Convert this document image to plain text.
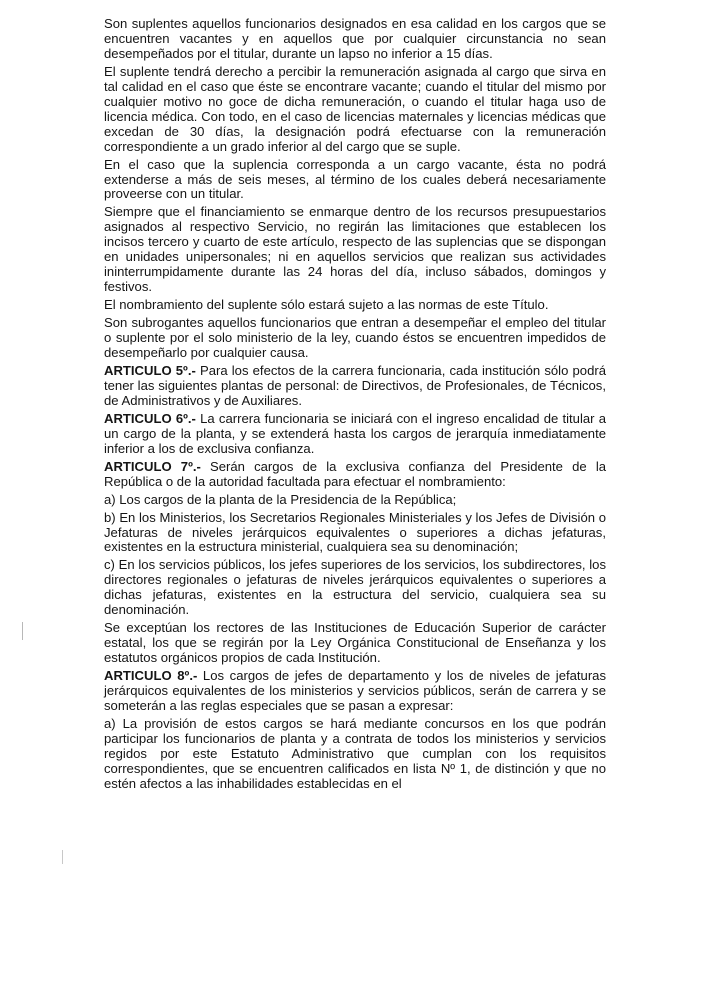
Son suplentes aquellos funcionarios designados en esa calidad en los cargos que se encuentren vacantes y en aquellos que por cualquier circunstancia no sean desempeñados por el titular, durante un lapso no inferior a 15 días.

El suplente tendrá derecho a percibir la remuneración asignada al cargo que sirva en tal calidad en el caso que éste se encontrare vacante; cuando el titular del mismo por cualquier motivo no goce de dicha remuneración, o cuando el titular haga uso de licencia médica. Con todo, en el caso de licencias maternales y licencias médicas que excedan de 30 días, la designación podrá efectuarse con la remuneración correspondiente a un grado inferior al del cargo que se suple.

En el caso que la suplencia corresponda a un cargo vacante, ésta no podrá extenderse a más de seis meses, al término de los cuales deberá necesariamente proveerse con un titular.

Siempre que el financiamiento se enmarque dentro de los recursos presupuestarios asignados al respectivo Servicio, no regirán las limitaciones que establecen los incisos tercero y cuarto de este artículo, respecto de las suplencias que se dispongan en unidades unipersonales; ni en aquellos servicios que realizan sus actividades ininterrumpidamente durante las 24 horas del día, incluso sábados, domingos y festivos.

El nombramiento del suplente sólo estará sujeto a las normas de este Título.

Son subrogantes aquellos funcionarios que entran a desempeñar el empleo del titular o suplente por el solo ministerio de la ley, cuando éstos se encuentren impedidos de desempeñarlo por cualquier causa.

ARTICULO 5º.- Para los efectos de la carrera funcionaria, cada institución sólo podrá tener las siguientes plantas de personal: de Directivos, de Profesionales, de Técnicos, de Administrativos y de Auxiliares.

ARTICULO 6º.- La carrera funcionaria se iniciará con el ingreso encalidad de titular a un cargo de la planta, y se extenderá hasta los cargos de jerarquía inmediatamente inferior a los de exclusiva confianza.

ARTICULO 7º.- Serán cargos de la exclusiva confianza del Presidente de la República o de la autoridad facultada para efectuar el nombramiento:

a) Los cargos de la planta de la Presidencia de la República;

b) En los Ministerios, los Secretarios Regionales Ministeriales y los Jefes de División o Jefaturas de niveles jerárquicos equivalentes o superiores a dichas jefaturas, existentes en la estructura ministerial, cualquiera sea su denominación;

c) En los servicios públicos, los jefes superiores de los servicios, los subdirectores, los directores regionales o jefaturas de niveles jerárquicos equivalentes o superiores a dichas jefaturas, existentes en la estructura del servicio, cualquiera sea su denominación.

Se exceptúan los rectores de las Instituciones de Educación Superior de carácter estatal, los que se regirán por la Ley Orgánica Constitucional de Enseñanza y los estatutos orgánicos propios de cada Institución.

ARTICULO 8º.- Los cargos de jefes de departamento y los de niveles de jefaturas jerárquicos equivalentes de los ministerios y servicios públicos, serán de carrera y se someterán a las reglas especiales que se pasan a expresar:

a) La provisión de estos cargos se hará mediante concursos en los que podrán participar los funcionarios de planta y a contrata de todos los ministerios y servicios regidos por este Estatuto Administrativo que cumplan con los requisitos correspondientes, que se encuentren calificados en lista Nº 1, de distinción y que no estén afectos a las inhabilidades establecidas en el
